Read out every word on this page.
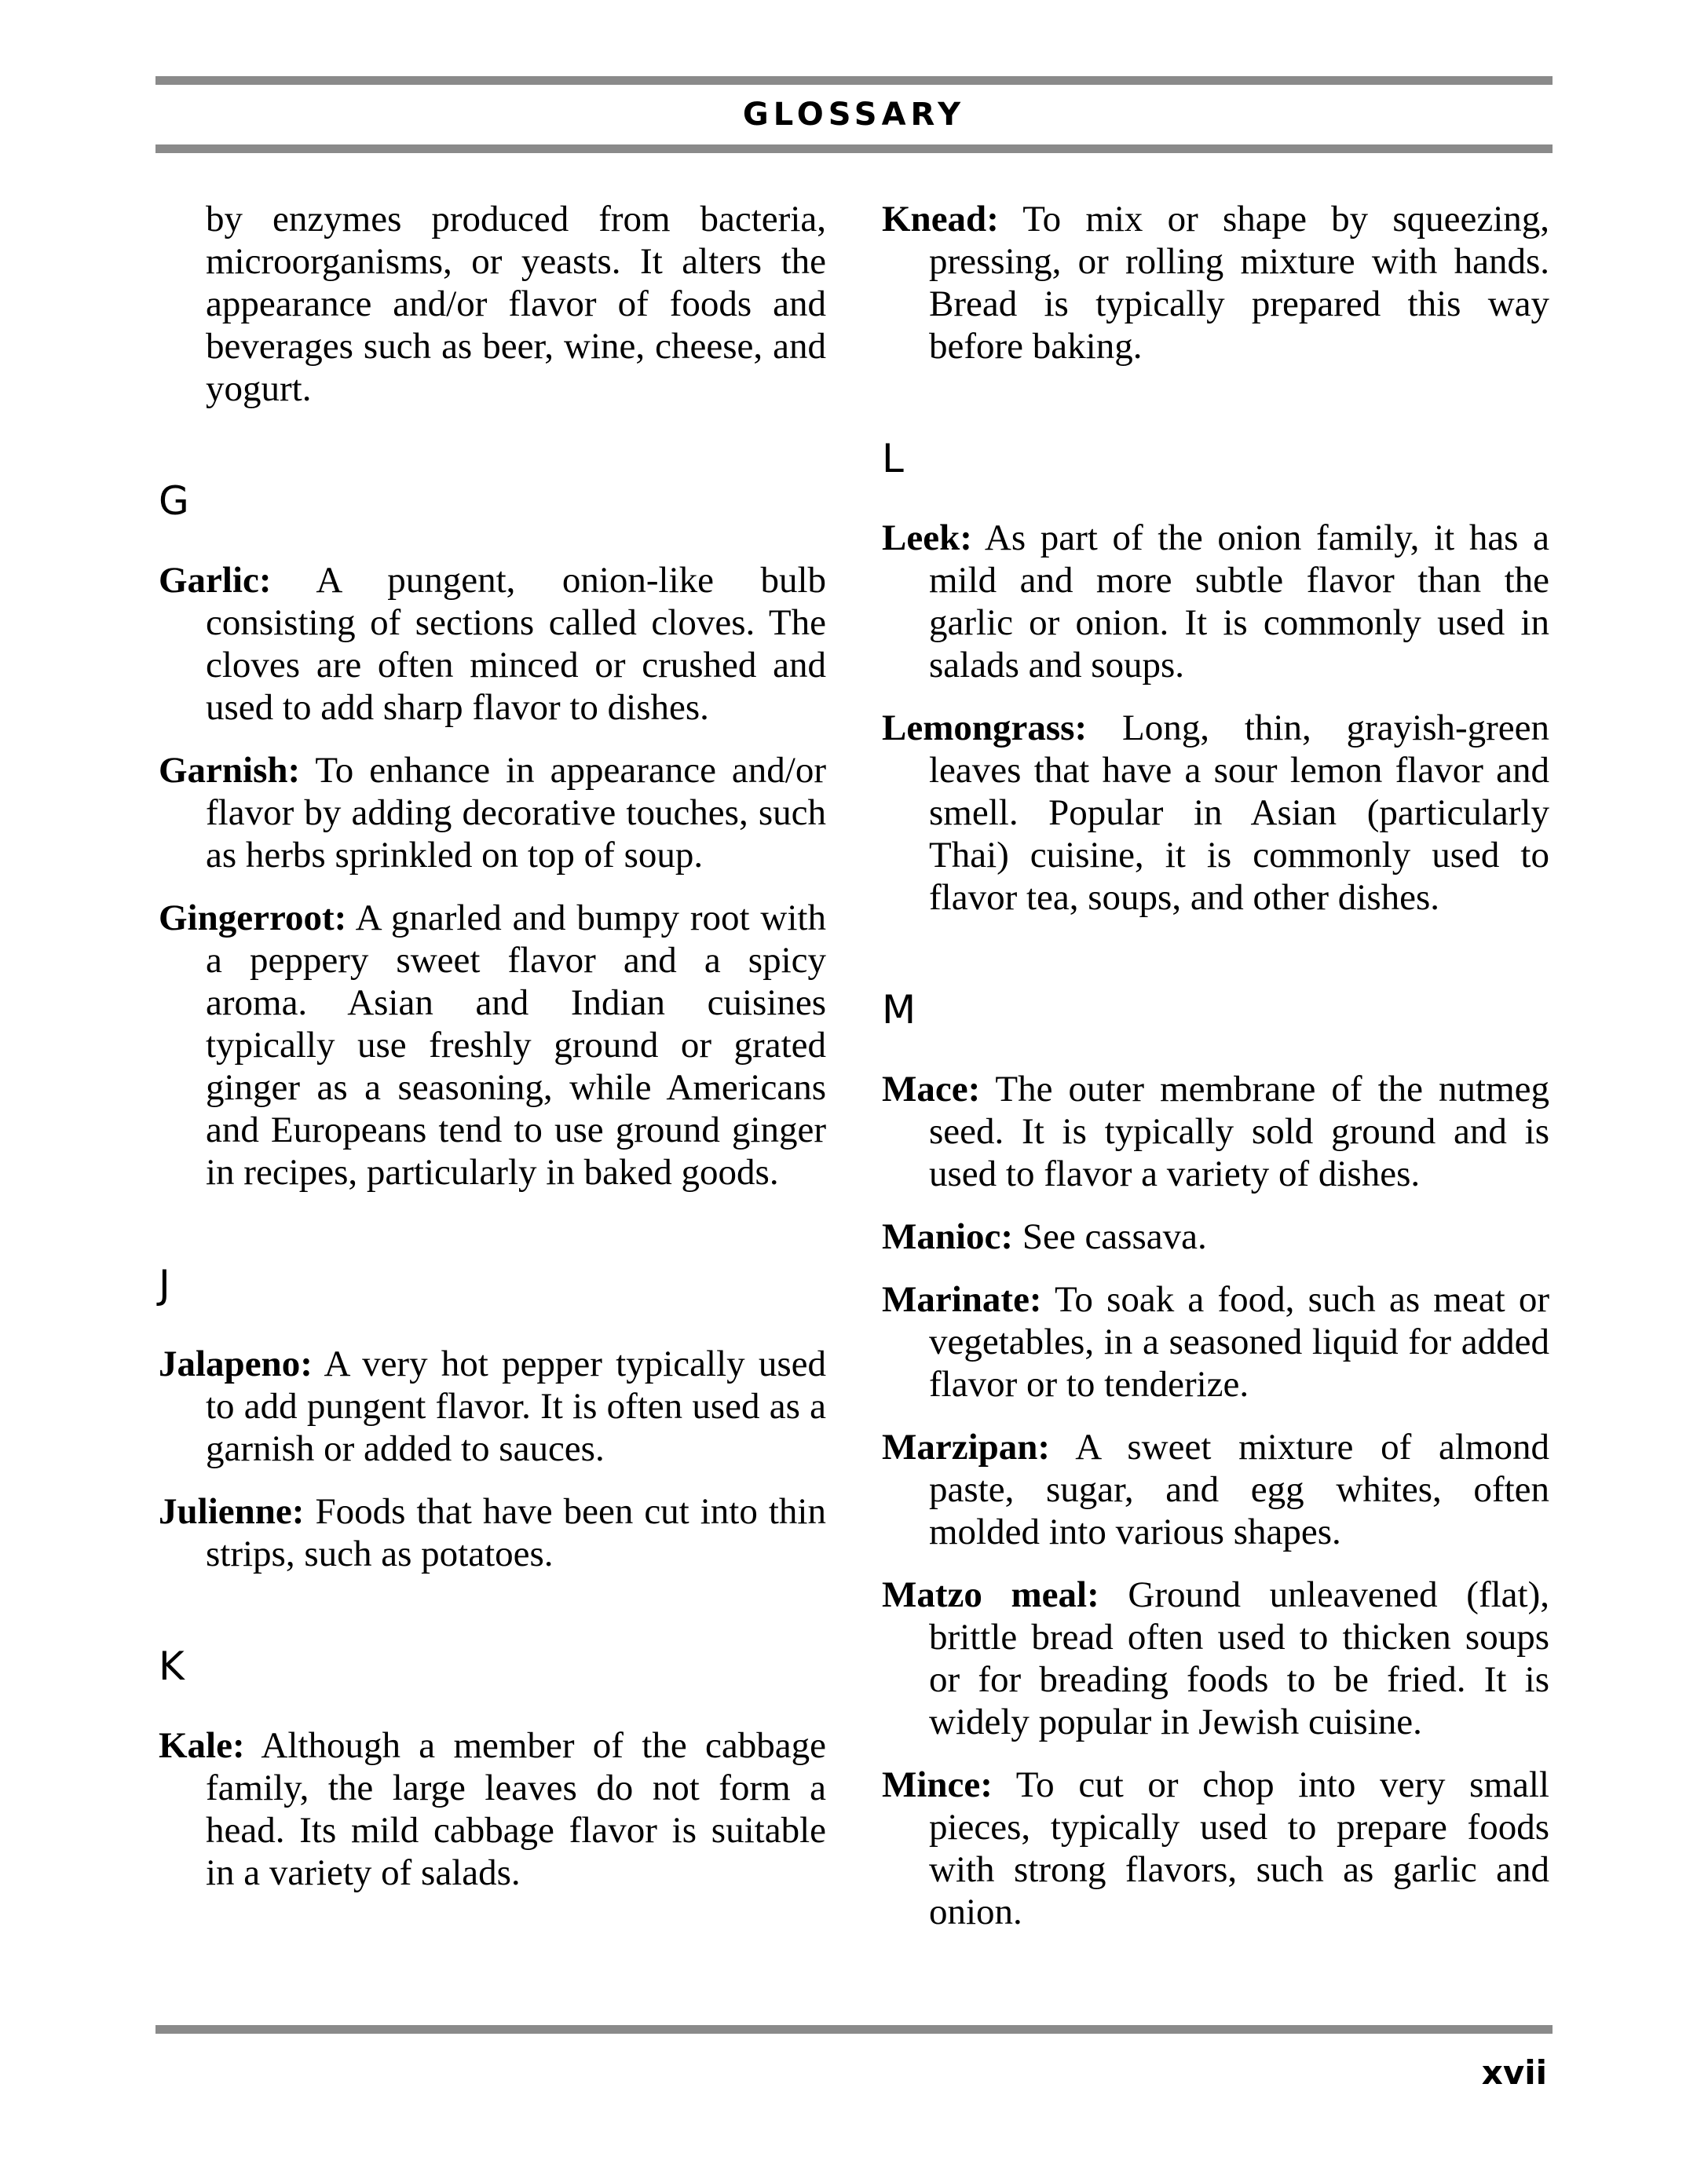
GLOSSARY

by enzymes produced from bacteria, microorganisms, or yeasts. It alters the appearance and/or flavor of foods and beverages such as beer, wine, cheese, and yogurt.

G

Garlic: A pungent, onion-like bulb consisting of sections called cloves. The cloves are often minced or crushed and used to add sharp flavor to dishes.

Garnish: To enhance in appearance and/or flavor by adding decorative touches, such as herbs sprinkled on top of soup.

Gingerroot: A gnarled and bumpy root with a peppery sweet flavor and a spicy aroma. Asian and Indian cuisines typically use freshly ground or grated ginger as a seasoning, while Americans and Europeans tend to use ground ginger in recipes, particularly in baked goods.

J

Jalapeno: A very hot pepper typically used to add pungent flavor. It is often used as a garnish or added to sauces.

Julienne: Foods that have been cut into thin strips, such as potatoes.

K

Kale: Although a member of the cabbage family, the large leaves do not form a head. Its mild cabbage flavor is suitable in a variety of salads.

Knead: To mix or shape by squeezing, pressing, or rolling mixture with hands. Bread is typically prepared this way before baking.

L

Leek: As part of the onion family, it has a mild and more subtle flavor than the garlic or onion. It is commonly used in salads and soups.

Lemongrass: Long, thin, grayish-green leaves that have a sour lemon flavor and smell. Popular in Asian (particularly Thai) cuisine, it is commonly used to flavor tea, soups, and other dishes.

M

Mace: The outer membrane of the nutmeg seed. It is typically sold ground and is used to flavor a variety of dishes.

Manioc: See cassava.

Marinate: To soak a food, such as meat or vegetables, in a seasoned liquid for added flavor or to tenderize.

Marzipan: A sweet mixture of almond paste, sugar, and egg whites, often molded into various shapes.

Matzo meal: Ground unleavened (flat), brittle bread often used to thicken soups or for breading foods to be fried. It is widely popular in Jewish cuisine.

Mince: To cut or chop into very small pieces, typically used to prepare foods with strong flavors, such as garlic and onion.

xvii
